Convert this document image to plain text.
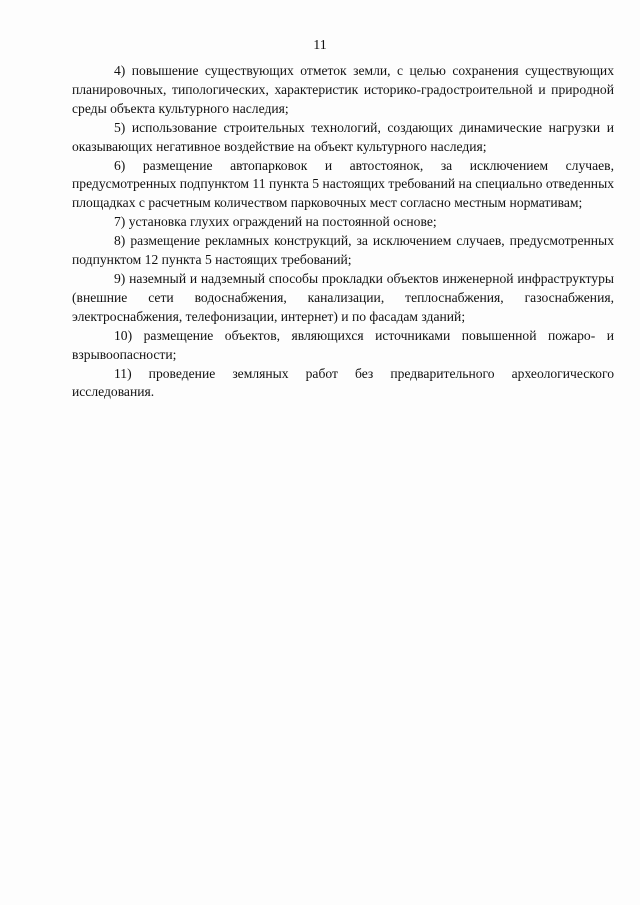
11

4) повышение существующих отметок земли, с целью сохранения существующих планировочных, типологических, характеристик историко-градостроительной и природной среды объекта культурного наследия;

5) использование строительных технологий, создающих динамические нагрузки и оказывающих негативное воздействие на объект культурного наследия;

6) размещение автопарковок и автостоянок, за исключением случаев, предусмотренных подпунктом 11 пункта 5 настоящих требований на специально отведенных площадках с расчетным количеством парковочных мест согласно местным нормативам;

7) установка глухих ограждений на постоянной основе;

8) размещение рекламных конструкций, за исключением случаев, предусмотренных подпунктом 12 пункта 5 настоящих требований;

9) наземный и надземный способы прокладки объектов инженерной инфраструктуры (внешние сети водоснабжения, канализации, теплоснабжения, газоснабжения, электроснабжения, телефонизации, интернет) и по фасадам зданий;

10) размещение объектов, являющихся источниками повышенной пожаро- и взрывоопасности;

11) проведение земляных работ без предварительного археологического исследования.
